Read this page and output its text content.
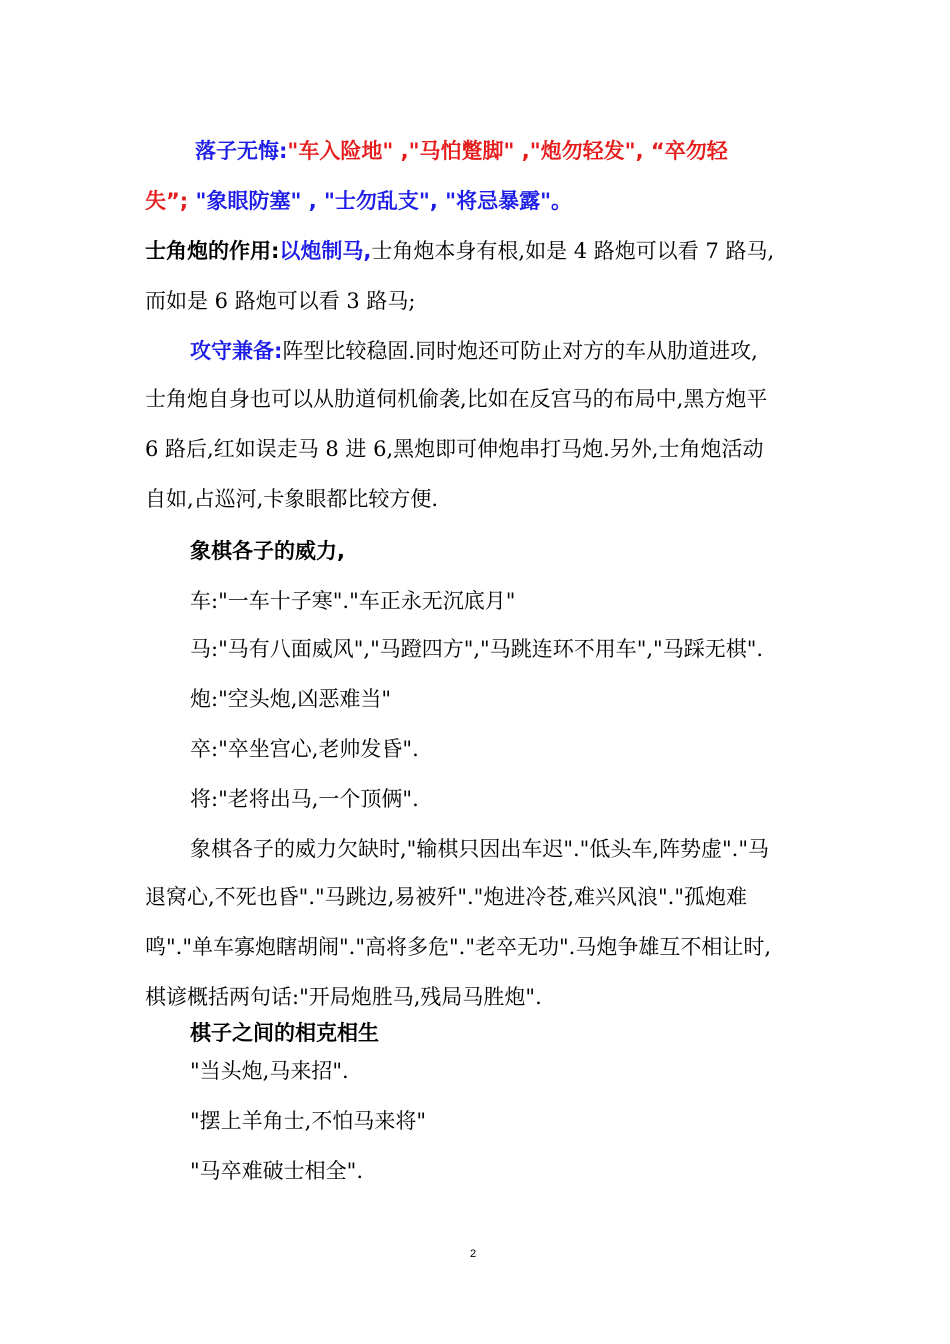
落子无悔:"车入险地" ,"马怕蹩脚" ,"炮勿轻发", “卒勿轻
失”; "象眼防塞" , "士勿乱支", "将忌暴露"。
士角炮的作用:以炮制马,士角炮本身有根,如是 4 路炮可以看 7 路马,
而如是 6 路炮可以看 3 路马;
攻守兼备:阵型比较稳固.同时炮还可防止对方的车从肋道进攻,
士角炮自身也可以从肋道伺机偷袭,比如在反宫马的布局中,黑方炮平
6 路后,红如误走马 8 进 6,黑炮即可伸炮串打马炮.另外,士角炮活动
自如,占巡河,卡象眼都比较方便.
象棋各子的威力,
车:"一车十子寒"."车正永无沉底月"
马:"马有八面威风","马蹬四方","马跳连环不用车","马踩无棋".
炮:"空头炮,凶恶难当"
卒:"卒坐宫心,老帅发昏".
将:"老将出马,一个顶俩".
象棋各子的威力欠缺时,"输棋只因出车迟"."低头车,阵势虚"."马
退窝心,不死也昏"."马跳边,易被歼"."炮进冷苍,难兴风浪"."孤炮难
鸣"."单车寡炮瞎胡闹"."高将多危"."老卒无功".马炮争雄互不相让时,
棋谚概括两句话:"开局炮胜马,残局马胜炮".
棋子之间的相克相生
"当头炮,马来招".
"摆上羊角士,不怕马来将"
"马卒难破士相全".
2
